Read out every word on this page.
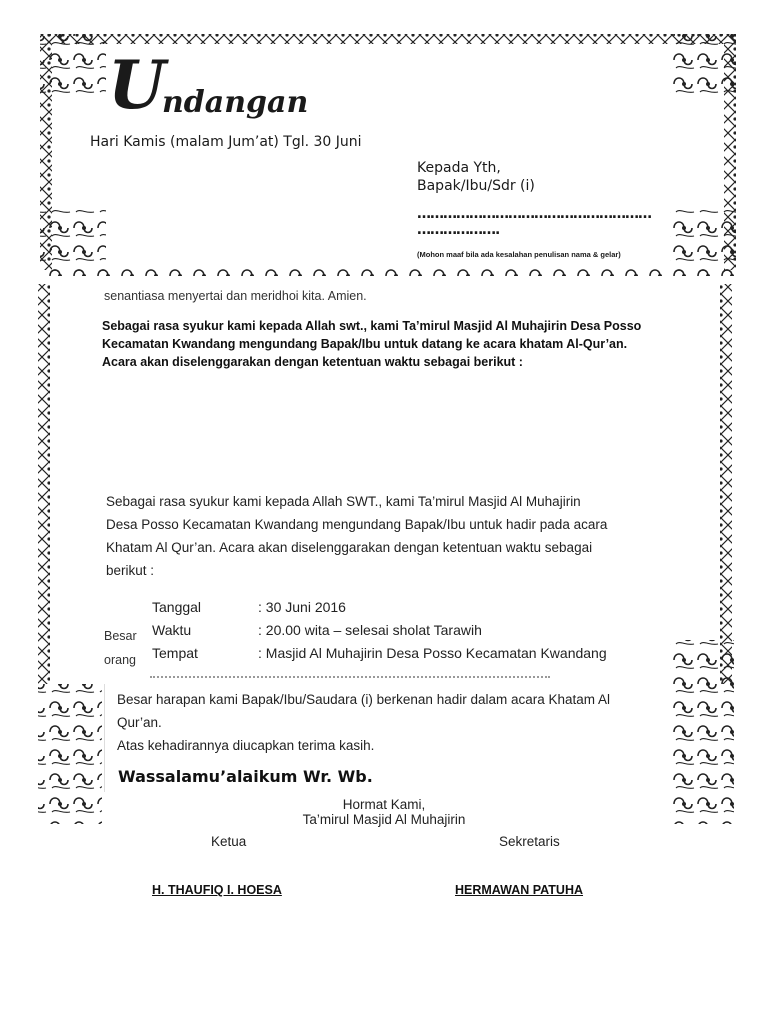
U
ndangan
Hari Kamis (malam Jum’at) Tgl. 30 Juni
Kepada Yth,
Bapak/Ibu/Sdr (i)
………………………………………………
……………….
(Mohon maaf bila ada kesalahan penulisan nama & gelar)
senantiasa menyertai dan meridhoi kita. Amien.
Sebagai rasa syukur kami kepada Allah swt., kami Ta’mirul Masjid Al Muhajirin Desa Posso
Kecamatan Kwandang mengundang Bapak/Ibu untuk datang ke acara khatam Al-Qur’an.
Acara akan diselenggarakan dengan ketentuan waktu sebagai berikut :
Sebagai rasa syukur kami kepada Allah SWT., kami Ta’mirul Masjid Al Muhajirin
Desa Posso Kecamatan Kwandang mengundang Bapak/Ibu untuk hadir pada acara
Khatam Al Qur’an. Acara akan diselenggarakan dengan ketentuan waktu sebagai
berikut :
Tanggal	: 30 Juni 2016
Waktu	: 20.00 wita – selesai sholat Tarawih
Tempat	: Masjid Al Muhajirin Desa Posso Kecamatan Kwandang
Besar
orang
Besar harapan kami Bapak/Ibu/Saudara (i) berkenan hadir dalam acara Khatam Al
Qur’an.
Atas kehadirannya diucapkan terima kasih.
Wassalamu’alaikum Wr. Wb.
Hormat Kami,
Ta’mirul Masjid Al Muhajirin
Ketua	Sekretaris
H. THAUFIQ I. HOESA	HERMAWAN PATUHA
